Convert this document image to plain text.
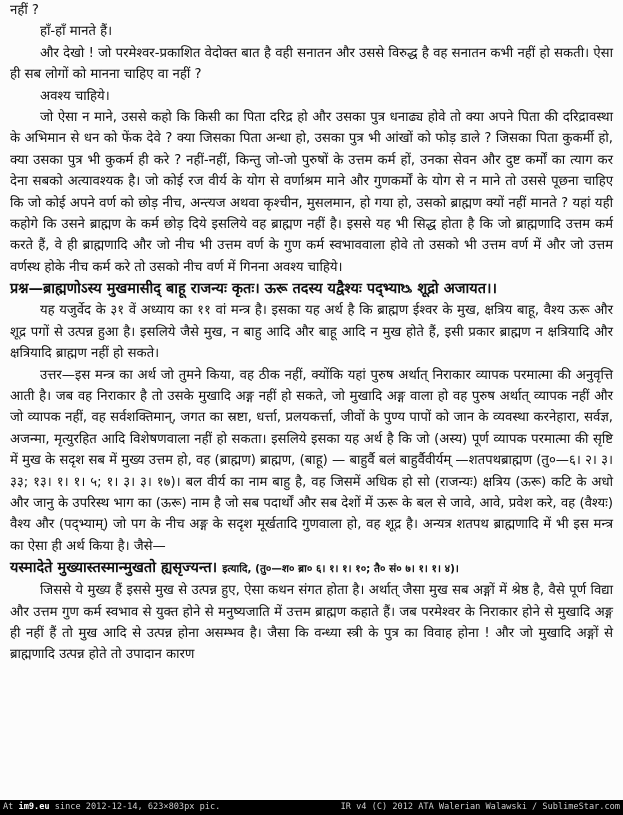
नहीं ?

हाँ-हाँ मानते हैं।

और देखो ! जो परमेश्वर-प्रकाशित वेदोक्त बात है वही सनातन और उससे विरुद्ध है वह सनातन कभी नहीं हो सकती। ऐसा ही सब लोगों को मानना चाहिए वा नहीं ?

अवश्य चाहिये।

जो ऐसा न माने, उससे कहो कि किसी का पिता दरिद्र हो और उसका पुत्र धनाढ्य होवे तो क्या अपने पिता की दरिद्रावस्था के अभिमान से धन को फेंक देवे ? क्या जिसका पिता अन्धा हो, उसका पुत्र भी आंखों को फोड़ डाले ? जिसका पिता कुकर्मी हो, क्या उसका पुत्र भी कुकर्म ही करे ? नहीं-नहीं, किन्तु जो-जो पुरुषों के उत्तम कर्म हों, उनका सेवन और दुष्ट कर्मों का त्याग कर देना सबको अत्यावश्यक है। जो कोई रज वीर्य के योग से वर्णाश्रम माने और गुणकर्मों के योग से न माने तो उससे पूछना चाहिए कि जो कोई अपने वर्ण को छोड़ नीच, अन्त्यज अथवा कृश्चीन, मुसलमान, हो गया हो, उसको ब्राह्मण क्यों नहीं मानते ? यहां यही कहोगे कि उसने ब्राह्मण के कर्म छोड़ दिये इसलिये वह ब्राह्मण नहीं है। इससे यह भी सिद्ध होता है कि जो ब्राह्मणादि उत्तम कर्म करते हैं, वे ही ब्राह्मणादि और जो नीच भी उत्तम वर्ण के गुण कर्म स्वभाववाला होवे तो उसको भी उत्तम वर्ण में और जो उत्तम वर्णस्थ होके नीच कर्म करे तो उसको नीच वर्ण में गिनना अवश्य चाहिये।

प्रश्न—ब्राह्मणोऽस्य मुखमासीद् बाहू राजन्यः कृतः। ऊरू तदस्य यद्वैश्यः पद्भ्याᳬ शूद्रो अजायत।।

यह यजुर्वेद के ३१ वें अध्याय का ११ वां मन्त्र है। इसका यह अर्थ है कि ब्राह्मण ईश्वर के मुख, क्षत्रिय बाहू, वैश्य ऊरू और शूद्र पगों से उत्पन्न हुआ है। इसलिये जैसे मुख, न बाहु आदि और बाहू आदि न मुख होते हैं, इसी प्रकार ब्राह्मण न क्षत्रियादि और क्षत्रियादि ब्राह्मण नहीं हो सकते।

उत्तर—इस मन्त्र का अर्थ जो तुमने किया, वह ठीक नहीं, क्योंकि यहां पुरुष अर्थात् निराकार व्यापक परमात्मा की अनुवृत्ति आती है। जब वह निराकार है तो उसके मुखादि अङ्ग नहीं हो सकते, जो मुखादि अङ्ग वाला हो वह पुरुष अर्थात् व्यापक नहीं और जो व्यापक नहीं, वह सर्वशक्तिमान्, जगत का स्रष्टा, धर्त्ता, प्रलयकर्त्ता, जीवों के पुण्य पापों को जान के व्यवस्था करनेहारा, सर्वज्ञ, अजन्मा, मृत्युरहित आदि विशेषणवाला नहीं हो सकता। इसलिये इसका यह अर्थ है कि जो (अस्य) पूर्ण व्यापक परमात्मा की सृष्टि में मुख के सदृश सब में मुख्य उत्तम हो, वह (ब्राह्मण) ब्राह्मण, (बाहू) — बाहुर्वै बलं बाहुर्वैवीर्यम् —शतपथब्राह्मण (तु०—६। २। ३। ३३; १३। १। १। ५; १। ३। ३। १७)। बल वीर्य का नाम बाहु है, वह जिसमें अधिक हो सो (राजन्यः) क्षत्रिय (ऊरू) कटि के अधो और जानु के उपरिस्थ भाग का (ऊरू) नाम है जो सब पदार्थों और सब देशों में ऊरू के बल से जावे, आवे, प्रवेश करे, वह (वैश्यः) वैश्य और (पद्भ्याम्) जो पग के नीच अङ्ग के सदृश मूर्खतादि गुणवाला हो, वह शूद्र है। अन्यत्र शतपथ ब्राह्मणादि में भी इस मन्त्र का ऐसा ही अर्थ किया है। जैसे—

यस्मादेते मुख्यास्तस्मान्मुखतो ह्यसृज्यन्त। इत्यादि, (तु०—श० ब्रा० ६। १। १। १०; तै० सं० ७। १। १। ४)।

जिससे ये मुख्य हैं इससे मुख से उत्पन्न हुए, ऐसा कथन संगत होता है। अर्थात् जैसा मुख सब अङ्गों में श्रेष्ठ है, वैसे पूर्ण विद्या और उत्तम गुण कर्म स्वभाव से युक्त होने से मनुष्यजाति में उत्तम ब्राह्मण कहाते हैं। जब परमेश्वर के निराकार होने से मुखादि अङ्ग ही नहीं हैं तो मुख आदि से उत्पन्न होना असम्भव है। जैसा कि वन्ध्या स्त्री के पुत्र का विवाह होना ! और जो मुखादि अङ्गों से ब्राह्मणादि उत्पन्न होते तो उपादान कारण

At im9.eu since 2012-12-14, 623×803px pic.	IR v4 (C) 2012 ATA Walerian Walawski / SublimeStar.com
